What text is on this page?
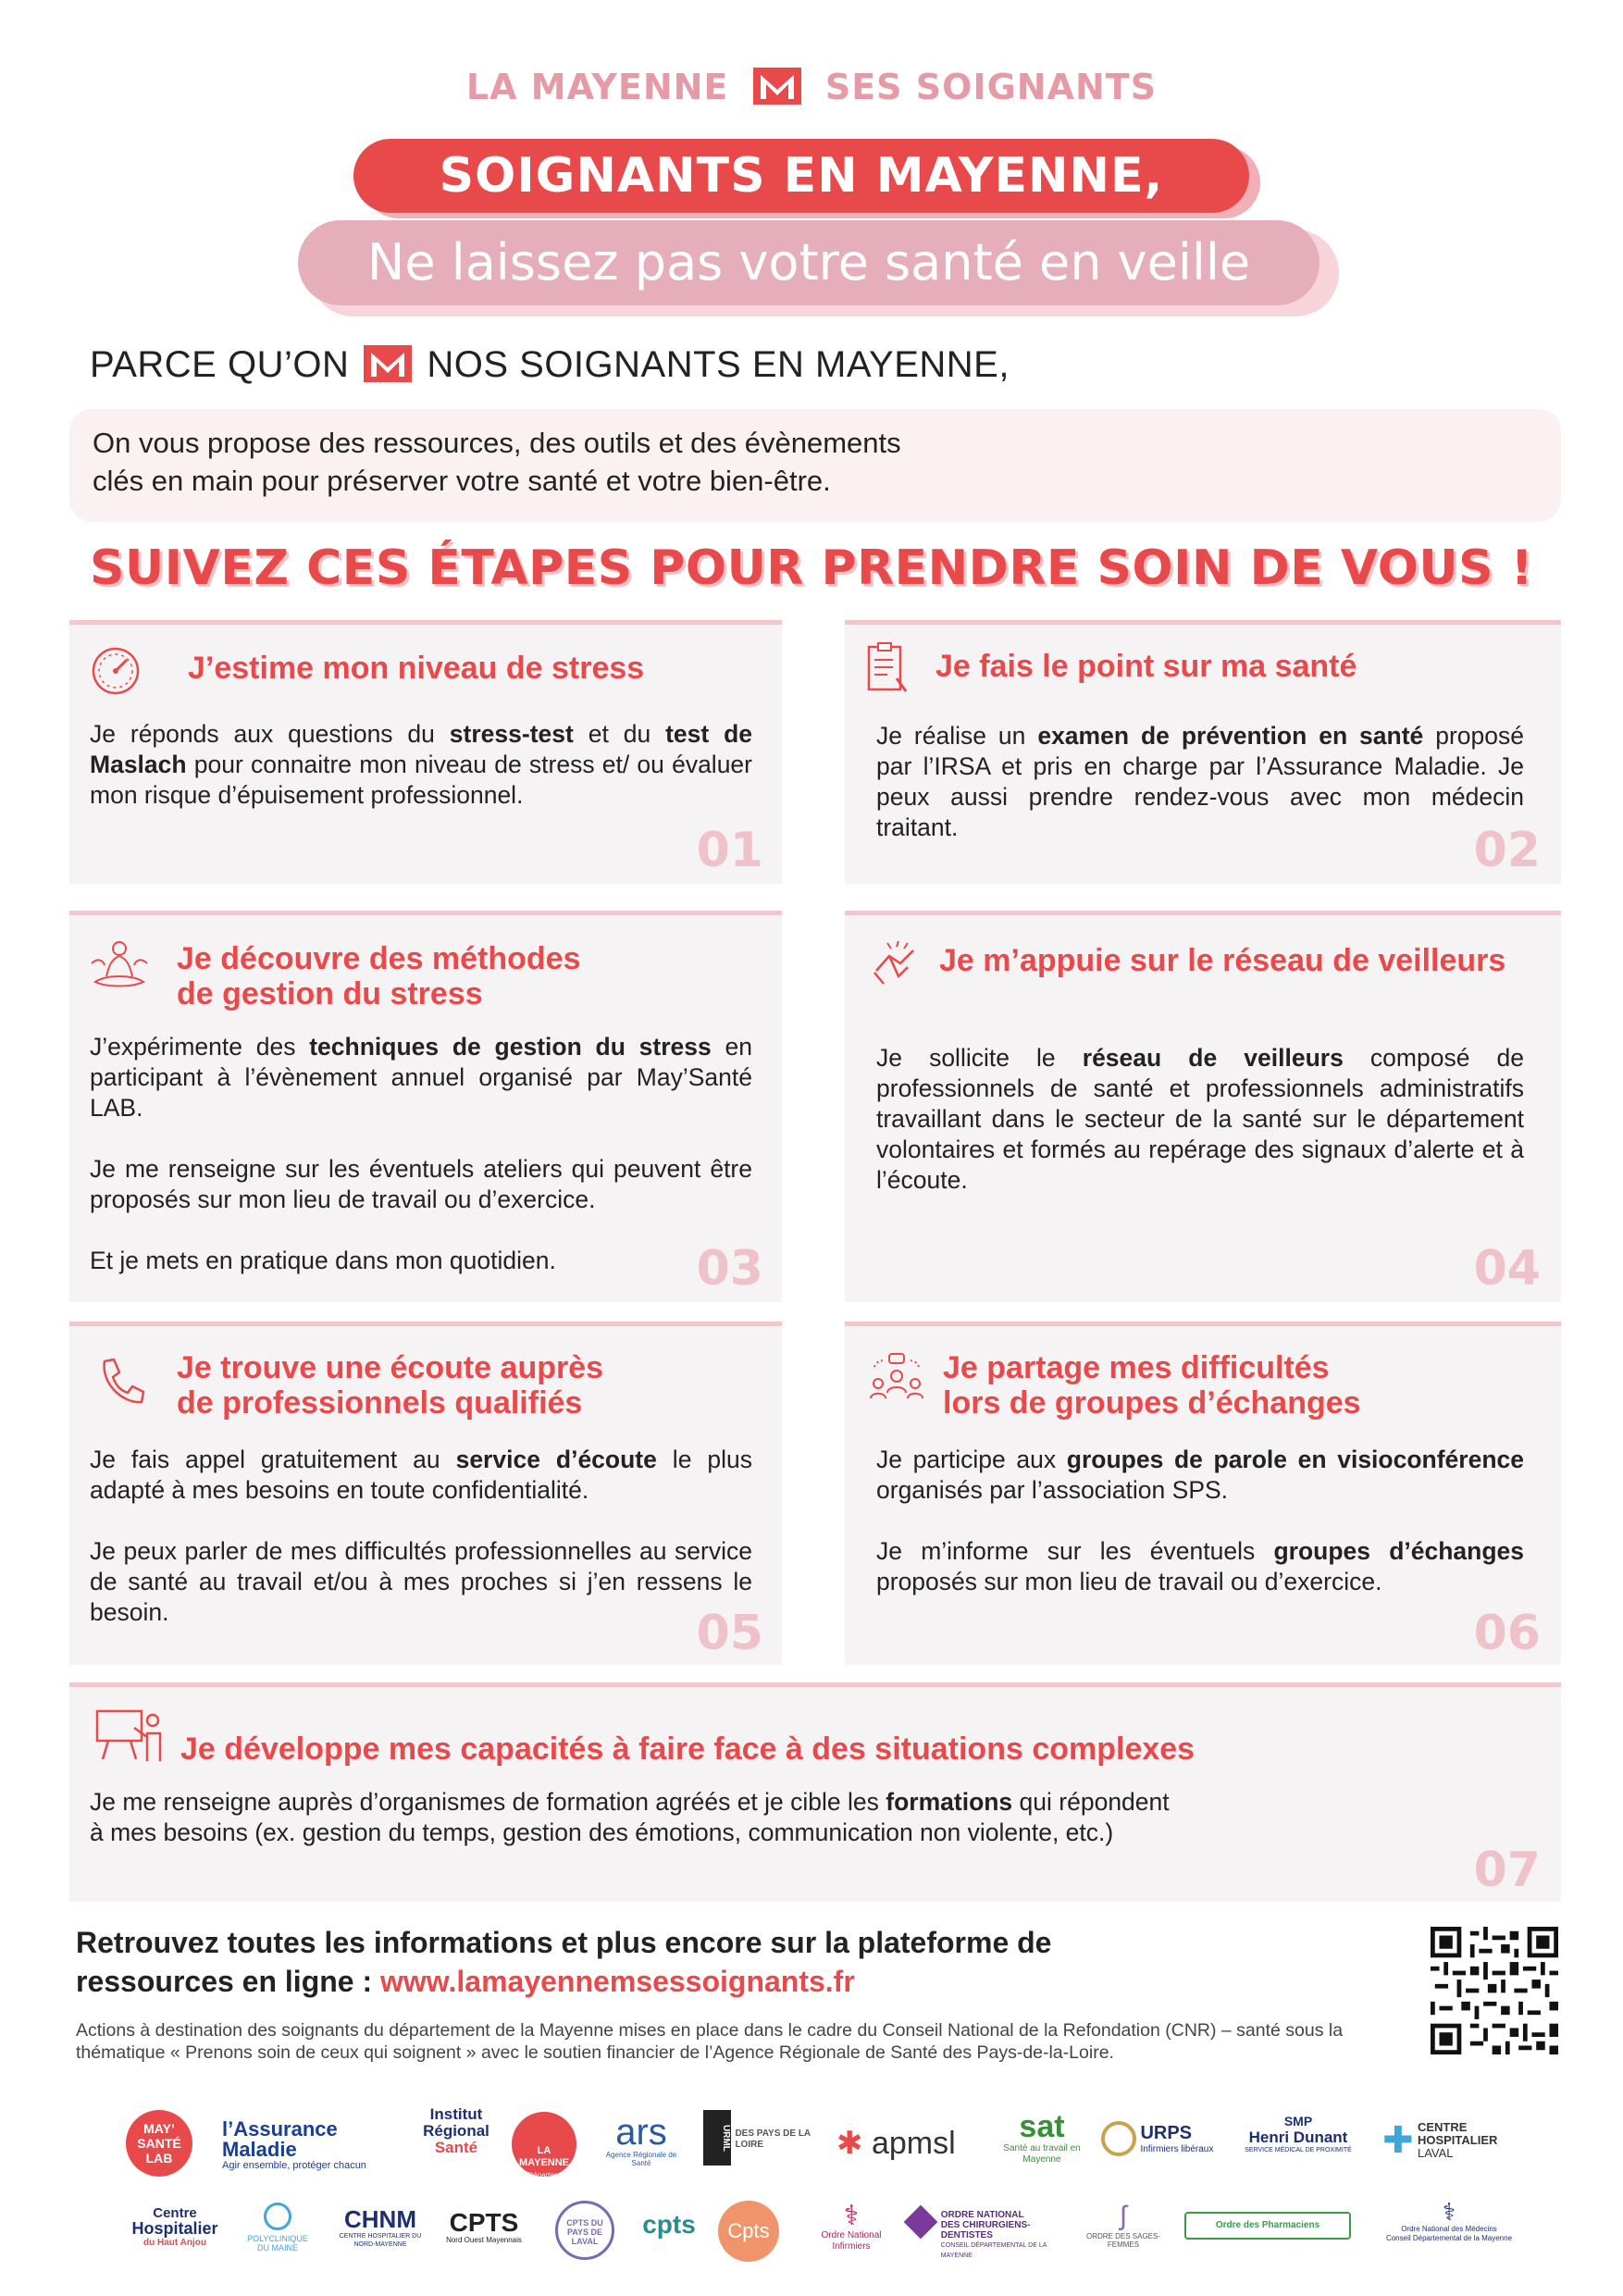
LA MAYENNE	SES SOIGNANTS
SOIGNANTS EN MAYENNE,
Ne laissez pas votre santé en veille
PARCE QU’ON NOS SOIGNANTS EN MAYENNE,
On vous propose des ressources, des outils et des évènements
clés en main pour préserver votre santé et votre bien-être.
SUIVEZ CES ÉTAPES POUR PRENDRE SOIN DE VOUS !
J’estime mon niveau de stress

Je réponds aux questions du stress-test et du test de Maslach pour connaitre mon niveau de stress et/ ou évaluer mon risque d’épuisement professionnel.

01
Je fais le point sur ma santé

Je réalise un examen de prévention en santé proposé par l’IRSA et pris en charge par l’Assurance Maladie. Je peux aussi prendre rendez-vous avec mon médecin traitant.	02
Je découvre des méthodes
de gestion du stress

J’expérimente des techniques de gestion du stress en participant à l’évènement annuel organisé par May’Santé LAB.

Je me renseigne sur les éventuels ateliers qui peuvent être proposés sur mon lieu de travail ou d’exercice.

Et je mets en pratique dans mon quotidien.	03
Je m’appuie sur le réseau de veilleurs

Je sollicite le réseau de veilleurs composé de professionnels de santé et professionnels administratifs travaillant dans le secteur de la santé sur le département volontaires et formés au repérage des signaux d’alerte et à l’écoute.

04
Je trouve une écoute auprès
de professionnels qualifiés

Je fais appel gratuitement au service d’écoute le plus adapté à mes besoins en toute confidentialité.

Je peux parler de mes difficultés professionnelles au service de santé au travail et/ou à mes proches si j’en ressens le besoin.	05
Je partage mes difficultés
lors de groupes d’échanges

Je participe aux groupes de parole en visioconférence organisés par l’association SPS.

Je m’informe sur les éventuels groupes d’échanges proposés sur mon lieu de travail ou d’exercice.

06
Je développe mes capacités à faire face à des situations complexes

Je me renseigne auprès d’organismes de formation agréés et je cible les formations qui répondent
à mes besoins (ex. gestion du temps, gestion des émotions, communication non violente, etc.)

07
Retrouvez toutes les informations et plus encore sur la plateforme de
ressources en ligne : www.lamayennemsessoignants.fr
Actions à destination des soignants du département de la Mayenne mises en place dans le cadre du Conseil National de la Refondation (CNR) – santé sous la thématique « Prenons soin de ceux qui soignent » avec le soutien financier de l’Agence Régionale de Santé des Pays-de-la-Loire.
MAY’
SANTÉ
LAB
l’Assurance
Maladie
Agir ensemble, protéger chacun
Institut
Régional
Santé	LA MAYENNE
Le Département
ars
Agence Régionale de Santé
URML DES PAYS DE LA LOIRE	✱ apmsl	sat
Santé au travail en Mayenne

URPS
Infirmiers libéraux
SMP
Henri Dunant
SERVICE MÉDICAL DE PROXIMITÉ ✚ CENTRE
HOSPITALIER
LAVAL
Centre
Hospitalier
du Haut Anjou	POLYCLINIQUE
DU MAINE
CHNM
CENTRE HOSPITALIER DU NORD-MAYENNE
CPTS
Nord Ouest Mayennais
CPTS DU PAYS DE LAVAL
cpts	Cpts	⚕
Ordre National Infirmiers

ORDRE NATIONAL
DES CHIRURGIENS-DENTISTES
CONSEIL DÉPARTEMENTAL DE LA MAYENNE
ʃ
ORDRE DES SAGES-FEMMES
Ordre des Pharmaciens	⚕
Ordre National des Médecins
Conseil Départemental de la Mayenne
